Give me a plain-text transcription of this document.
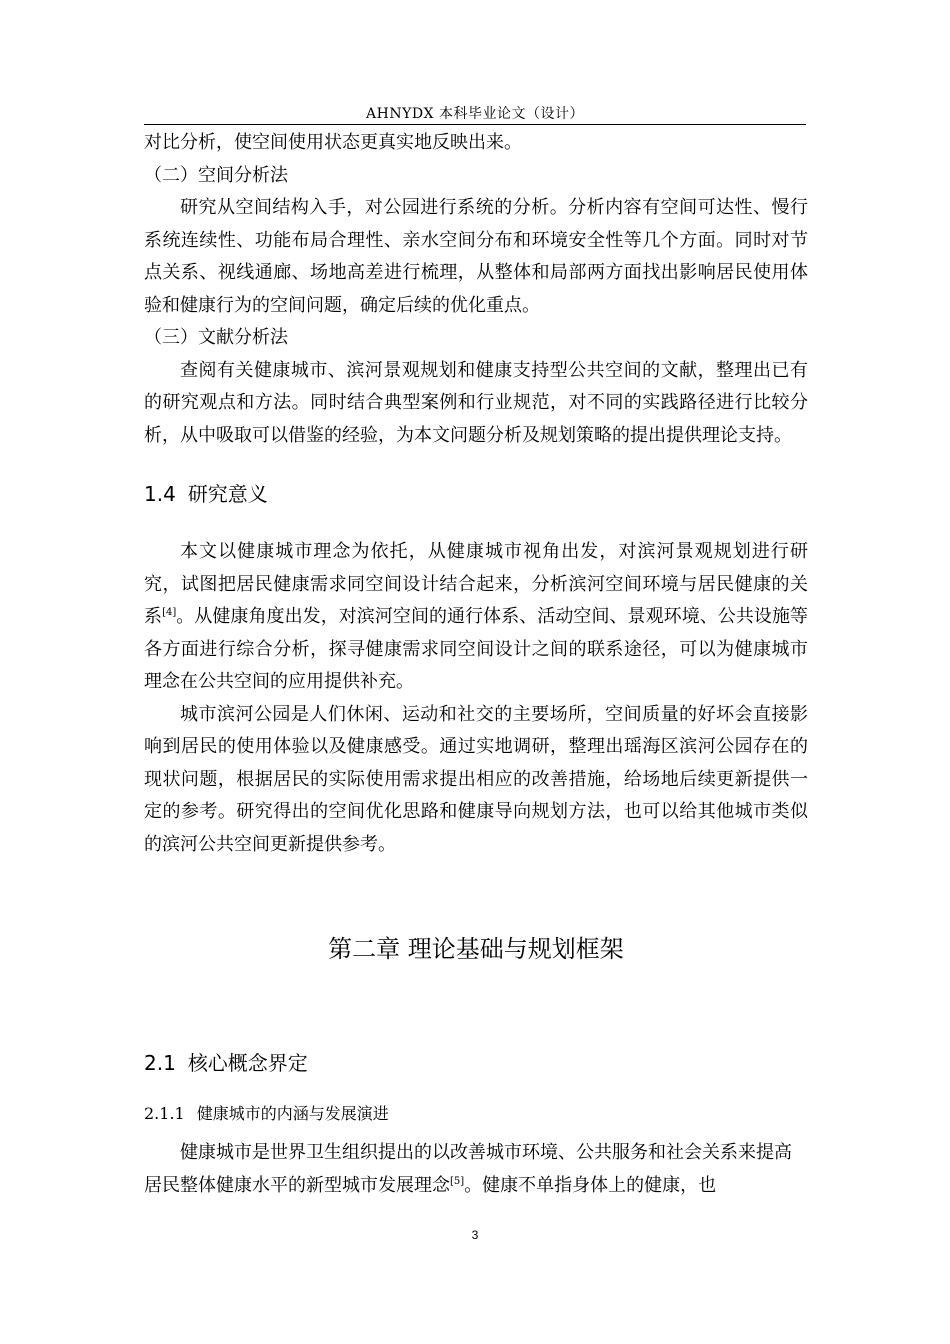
AHNYDX 本科毕业论文（设计）

对比分析，使空间使用状态更真实地反映出来。

（二）空间分析法

研究从空间结构入手，对公园进行系统的分析。分析内容有空间可达性、慢行系统连续性、功能布局合理性、亲水空间分布和环境安全性等几个方面。同时对节点关系、视线通廊、场地高差进行梳理，从整体和局部两方面找出影响居民使用体验和健康行为的空间问题，确定后续的优化重点。

（三）文献分析法

查阅有关健康城市、滨河景观规划和健康支持型公共空间的文献，整理出已有的研究观点和方法。同时结合典型案例和行业规范，对不同的实践路径进行比较分析，从中吸取可以借鉴的经验，为本文问题分析及规划策略的提出提供理论支持。

1.4 研究意义

本文以健康城市理念为依托，从健康城市视角出发，对滨河景观规划进行研究，试图把居民健康需求同空间设计结合起来，分析滨河空间环境与居民健康的关系[4]。从健康角度出发，对滨河空间的通行体系、活动空间、景观环境、公共设施等各方面进行综合分析，探寻健康需求同空间设计之间的联系途径，可以为健康城市理念在公共空间的应用提供补充。

城市滨河公园是人们休闲、运动和社交的主要场所，空间质量的好坏会直接影响到居民的使用体验以及健康感受。通过实地调研，整理出瑶海区滨河公园存在的现状问题，根据居民的实际使用需求提出相应的改善措施，给场地后续更新提供一定的参考。研究得出的空间优化思路和健康导向规划方法，也可以给其他城市类似的滨河公共空间更新提供参考。

第二章 理论基础与规划框架
2.1 核心概念界定
2.1.1 健康城市的内涵与发展演进

健康城市是世界卫生组织提出的以改善城市环境、公共服务和社会关系来提高居民整体健康水平的新型城市发展理念[5]。健康不单指身体上的健康，也

3
